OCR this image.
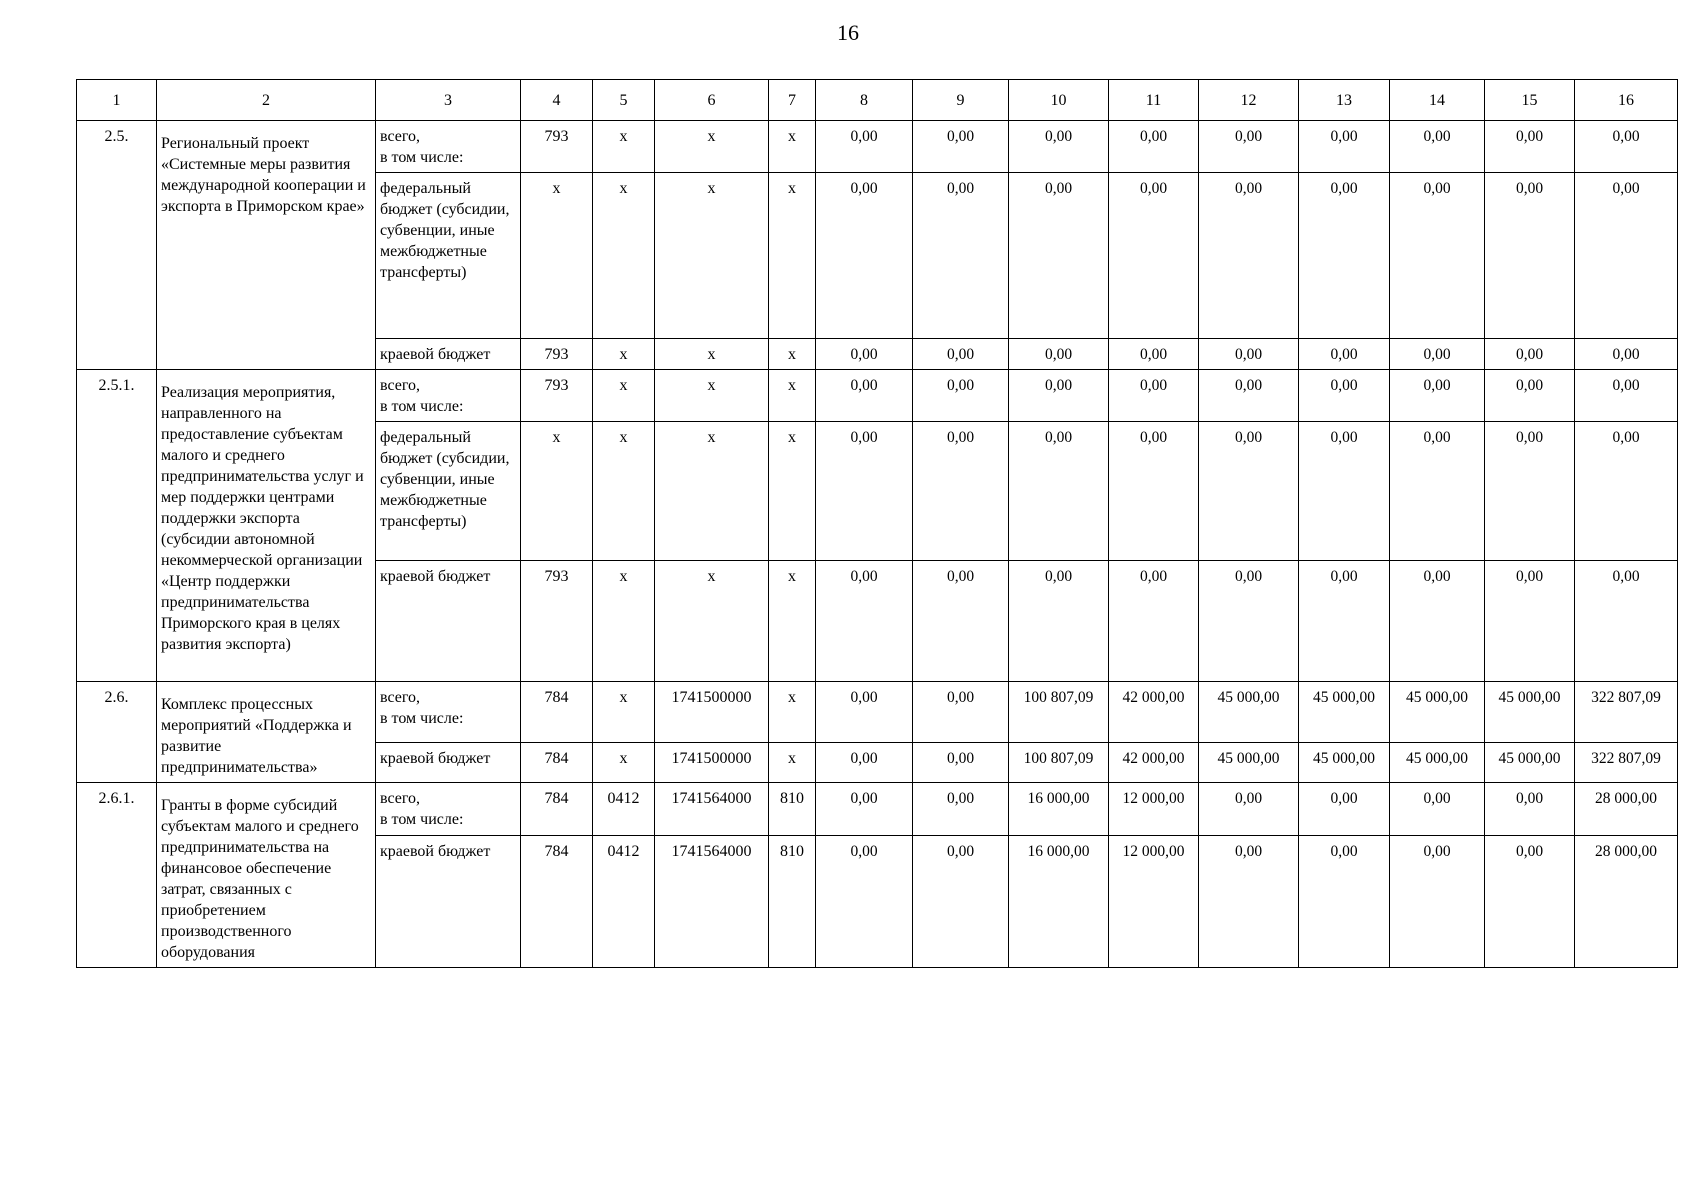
16
1	2	3	4	5	6	7	8	9	10	11	12	13	14	15	16
2.5.	Региональный проект «Системные меры развития международной кооперации и экспорта в Приморском крае»	всего,
в том числе:	793	х	х	х	0,00	0,00	0,00	0,00	0,00	0,00	0,00	0,00	0,00
		федеральный бюджет (субсидии, субвенции, иные межбюджетные трансферты)	х	х	х	х	0,00	0,00	0,00	0,00	0,00	0,00	0,00	0,00	0,00
		краевой бюджет	793	х	х	х	0,00	0,00	0,00	0,00	0,00	0,00	0,00	0,00	0,00
2.5.1.	Реализация мероприятия, направленного на предоставление субъектам малого и среднего предпринимательства услуг и мер поддержки центрами поддержки экспорта (субсидии автономной некоммерческой организации «Центр поддержки предпринимательства Приморского края в целях развития экспорта)	всего,
в том числе:	793	х	х	х	0,00	0,00	0,00	0,00	0,00	0,00	0,00	0,00	0,00
		федеральный бюджет (субсидии, субвенции, иные межбюджетные трансферты)	х	х	х	х	0,00	0,00	0,00	0,00	0,00	0,00	0,00	0,00	0,00
		краевой бюджет	793	х	х	х	0,00	0,00	0,00	0,00	0,00	0,00	0,00	0,00	0,00
2.6.	Комплекс процессных мероприятий «Поддержка и развитие предпринимательства»	всего,
в том числе:	784	х	1741500000	х	0,00	0,00	100 807,09	42 000,00	45 000,00	45 000,00	45 000,00	45 000,00	322 807,09
		краевой бюджет	784	х	1741500000	х	0,00	0,00	100 807,09	42 000,00	45 000,00	45 000,00	45 000,00	45 000,00	322 807,09
2.6.1.	Гранты в форме субсидий субъектам малого и среднего предпринимательства на финансовое обеспечение затрат, связанных с приобретением производственного оборудования	всего,
в том числе:	784	0412	1741564000	810	0,00	0,00	16 000,00	12 000,00	0,00	0,00	0,00	0,00	28 000,00
		краевой бюджет	784	0412	1741564000	810	0,00	0,00	16 000,00	12 000,00	0,00	0,00	0,00	0,00	28 000,00
